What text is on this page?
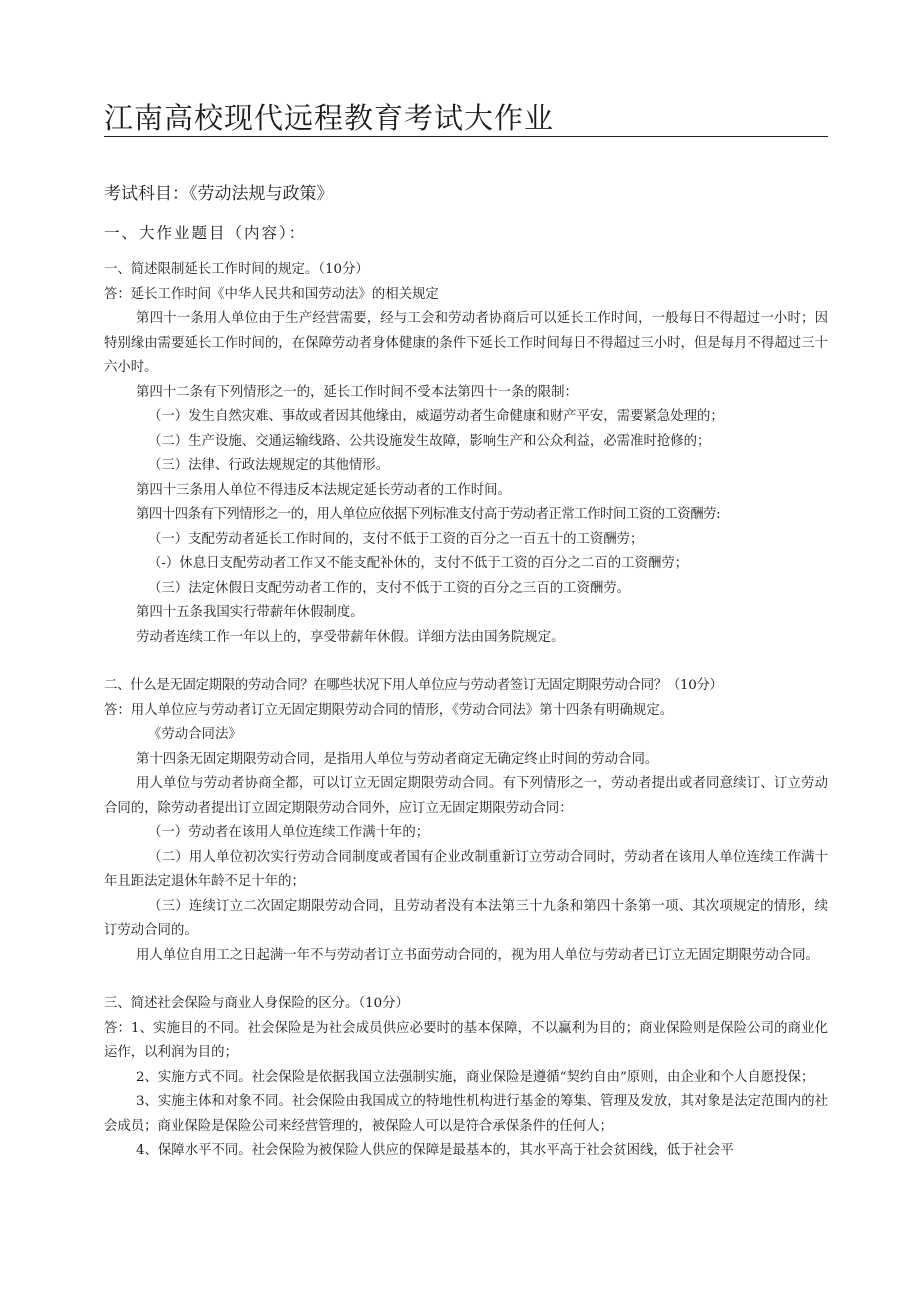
江南高校现代远程教育考试大作业
考试科目：《劳动法规与政策》
一、大作业题目（内容）：

一、简述限制延长工作时间的规定。（10分）

答：延长工作时间《中华人民共和国劳动法》的相关规定

第四十一条用人单位由于生产经营需要，经与工会和劳动者协商后可以延长工作时间，一般每日不得超过一小时；因特别缘由需要延长工作时间的，在保障劳动者身体健康的条件下延长工作时间每日不得超过三小时，但是每月不得超过三十六小时。

第四十二条有下列情形之一的，延长工作时间不受本法第四十一条的限制：

（一）发生自然灾难、事故或者因其他缘由，威逼劳动者生命健康和财产平安，需要紧急处理的；

（二）生产设施、交通运输线路、公共设施发生故障，影响生产和公众利益，必需准时抢修的；

（三）法律、行政法规规定的其他情形。

第四十三条用人单位不得违反本法规定延长劳动者的工作时间。

第四十四条有下列情形之一的，用人单位应依据下列标准支付高于劳动者正常工作时间工资的工资酬劳:

（一）支配劳动者延长工作时间的，支付不低于工资的百分之一百五十的工资酬劳；

（-）休息日支配劳动者工作又不能支配补休的，支付不低于工资的百分之二百的工资酬劳；

（三）法定休假日支配劳动者工作的，支付不低于工资的百分之三百的工资酬劳。

第四十五条我国实行带薪年休假制度。

劳动者连续工作一年以上的，享受带薪年休假。详细方法由国务院规定。

二、什么是无固定期限的劳动合同？在哪些状况下用人单位应与劳动者签订无固定期限劳动合同？（10分）

答：用人单位应与劳动者订立无固定期限劳动合同的情形，《劳动合同法》第十四条有明确规定。

《劳动合同法》

第十四条无固定期限劳动合同，是指用人单位与劳动者商定无确定终止时间的劳动合同。

用人单位与劳动者协商全都，可以订立无固定期限劳动合同。有下列情形之一，劳动者提出或者同意续订、订立劳动合同的，除劳动者提出订立固定期限劳动合同外，应订立无固定期限劳动合同：

（一）劳动者在该用人单位连续工作满十年的；

（二）用人单位初次实行劳动合同制度或者国有企业改制重新订立劳动合同时，劳动者在该用人单位连续工作满十年且距法定退休年龄不足十年的；

（三）连续订立二次固定期限劳动合同，且劳动者没有本法第三十九条和第四十条第一项、其次项规定的情形，续订劳动合同的。

用人单位自用工之日起满一年不与劳动者订立书面劳动合同的，视为用人单位与劳动者已订立无固定期限劳动合同。

三、简述社会保险与商业人身保险的区分。（10分）

答：1、实施目的不同。社会保险是为社会成员供应必要时的基本保障，不以赢利为目的；商业保险则是保险公司的商业化运作，以利润为目的；

2、实施方式不同。社会保险是依据我国立法强制实施，商业保险是遵循“契约自由”原则，由企业和个人自愿投保；

3、实施主体和对象不同。社会保险由我国成立的特地性机构进行基金的筹集、管理及发放，其对象是法定范围内的社会成员；商业保险是保险公司来经营管理的，被保险人可以是符合承保条件的任何人；

4、保障水平不同。社会保险为被保险人供应的保障是最基本的，其水平高于社会贫困线，低于社会平
